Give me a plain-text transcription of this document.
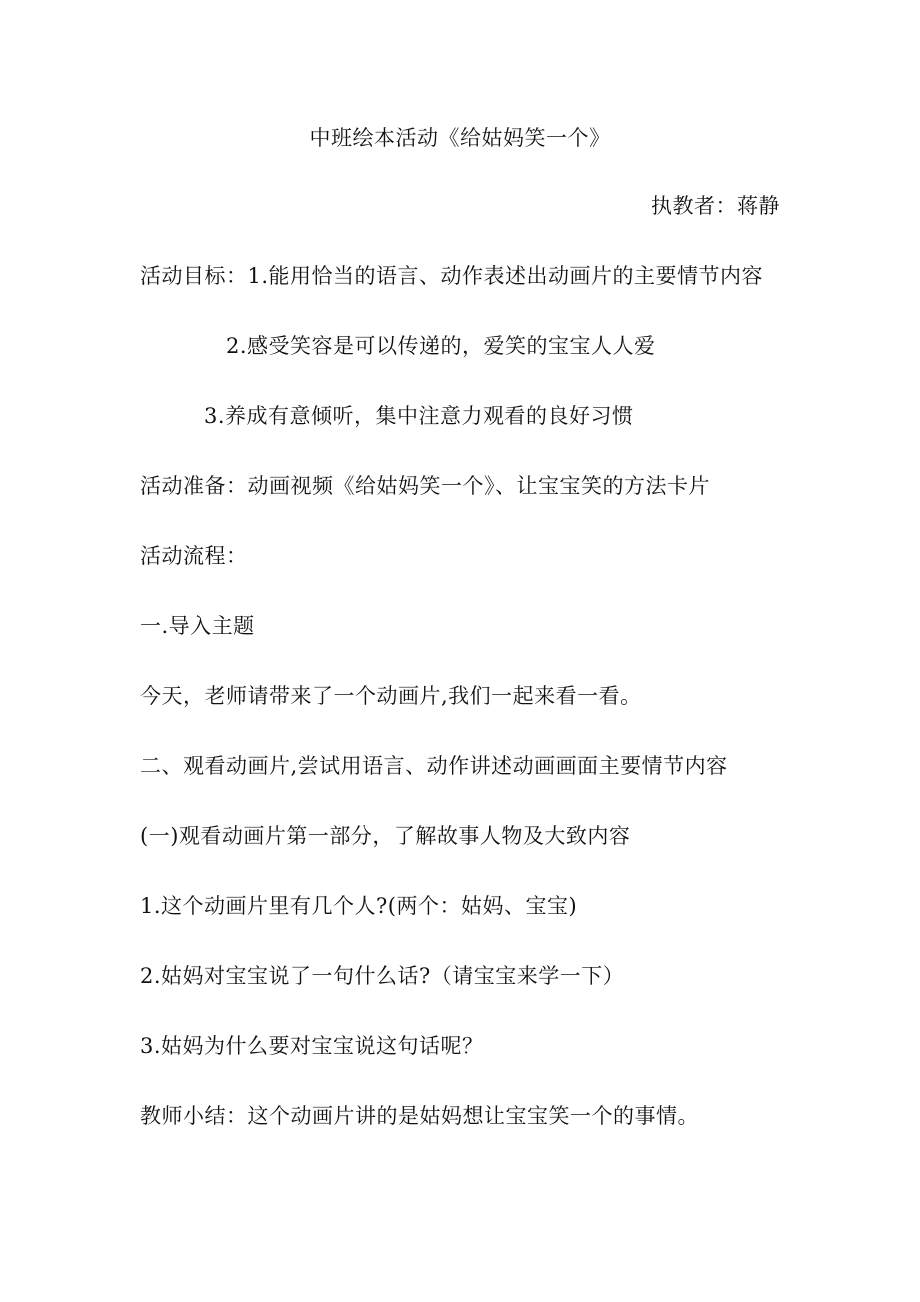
中班绘本活动《给姑妈笑一个》
执教者：蒋静
活动目标：1.能用恰当的语言、动作表述出动画片的主要情节内容
2.感受笑容是可以传递的，爱笑的宝宝人人爱
3.养成有意倾听，集中注意力观看的良好习惯
活动准备：动画视频《给姑妈笑一个》、让宝宝笑的方法卡片
活动流程：
一.导入主题
今天，老师请带来了一个动画片,我们一起来看一看。
二、观看动画片,尝试用语言、动作讲述动画画面主要情节内容
(一)观看动画片第一部分，了解故事人物及大致内容
1.这个动画片里有几个人?(两个：姑妈、宝宝)
2.姑妈对宝宝说了一句什么话?（请宝宝来学一下）
3.姑妈为什么要对宝宝说这句话呢？
教师小结：这个动画片讲的是姑妈想让宝宝笑一个的事情。
